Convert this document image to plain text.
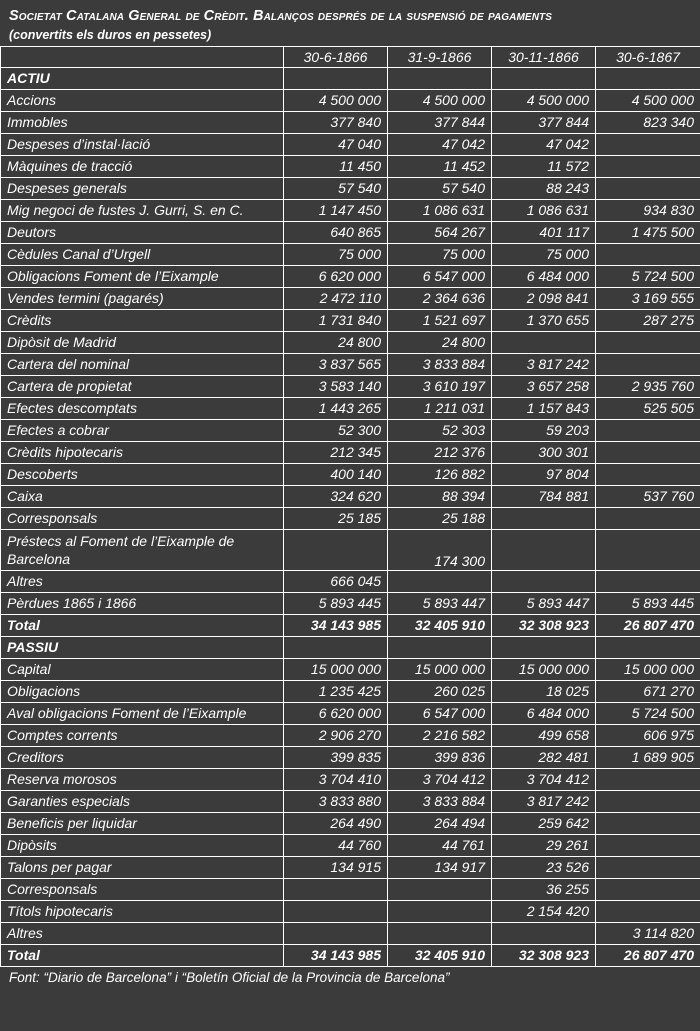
Societat Catalana General de Crèdit. Balanços després de la suspensió de pagaments
(convertits els duros en pessetes)
	30-6-1866	31-9-1866	30-11-1866	30-6-1867
ACTIU				
Accions	4 500 000	4 500 000	4 500 000	4 500 000
Immobles	377 840	377 844	377 844	823 340
Despeses d’instal·lació	47 040	47 042	47 042	
Màquines de tracció	11 450	11 452	11 572	
Despeses generals	57 540	57 540	88 243	
Mig negoci de fustes J. Gurri, S. en C.	1 147 450	1 086 631	1 086 631	934 830
Deutors	640 865	564 267	401 117	1 475 500
Cèdules Canal d’Urgell	75 000	75 000	75 000	
Obligacions Foment de l’Eixample	6 620 000	6 547 000	6 484 000	5 724 500
Vendes termini (pagarés)	2 472 110	2 364 636	2 098 841	3 169 555
Crèdits	1 731 840	1 521 697	1 370 655	287 275
Dipòsit de Madrid	24 800	24 800		
Cartera del nominal	3 837 565	3 833 884	3 817 242	
Cartera de propietat	3 583 140	3 610 197	3 657 258	2 935 760
Efectes descomptats	1 443 265	1 211 031	1 157 843	525 505
Efectes a cobrar	52 300	52 303	59 203	
Crèdits hipotecaris	212 345	212 376	300 301	
Descoberts	400 140	126 882	97 804	
Caixa	324 620	88 394	784 881	537 760
Corresponsals	25 185	25 188		
Préstecs al Foment de l’Eixample de Barcelona		174 300		
Altres	666 045			
Pèrdues 1865 i 1866	5 893 445	5 893 447	5 893 447	5 893 445
Total	34 143 985	32 405 910	32 308 923	26 807 470
PASSIU				
Capital	15 000 000	15 000 000	15 000 000	15 000 000
Obligacions	1 235 425	260 025	18 025	671 270
Aval obligacions Foment de l’Eixample	6 620 000	6 547 000	6 484 000	5 724 500
Comptes corrents	2 906 270	2 216 582	499 658	606 975
Creditors	399 835	399 836	282 481	1 689 905
Reserva morosos	3 704 410	3 704 412	3 704 412	
Garanties especials	3 833 880	3 833 884	3 817 242	
Beneficis per liquidar	264 490	264 494	259 642	
Dipòsits	44 760	44 761	29 261	
Talons per pagar	134 915	134 917	23 526	
Corresponsals			36 255	
Títols hipotecaris			2 154 420	
Altres				3 114 820
Total	34 143 985	32 405 910	32 308 923	26 807 470
Font: “Diario de Barcelona” i “Boletín Oficial de la Provincia de Barcelona”
